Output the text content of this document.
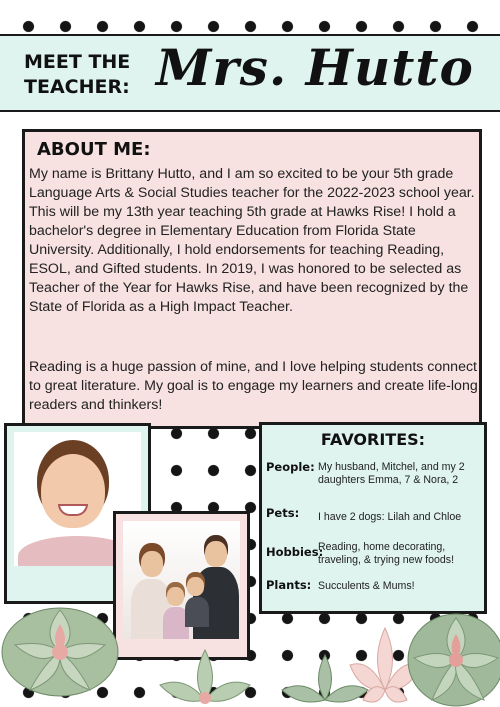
MEET THE
TEACHER: Mrs. Hutto
ABOUT ME:

My name is Brittany Hutto, and I am so excited to be your 5th grade Language Arts & Social Studies teacher for the 2022-2023 school year. This will be my 13th year teaching 5th grade at Hawks Rise! I hold a bachelor's degree in Elementary Education from Florida State University. Additionally, I hold endorsements for teaching Reading, ESOL, and Gifted students. In 2019, I was honored to be selected as Teacher of the Year for Hawks Rise, and have been recognized by the State of Florida as a High Impact Teacher.

Reading is a huge passion of mine, and I love helping students connect to great literature. My goal is to engage my learners and create life-long readers and thinkers!

FAVORITES:
People: My husband, Mitchel, and my 2 daughters Emma, 7 & Nora, 2
Pets: I have 2 dogs: Lilah and Chloe
Hobbies:
Reading, home decorating, traveling, & trying new foods!
Plants: Succulents & Mums!
